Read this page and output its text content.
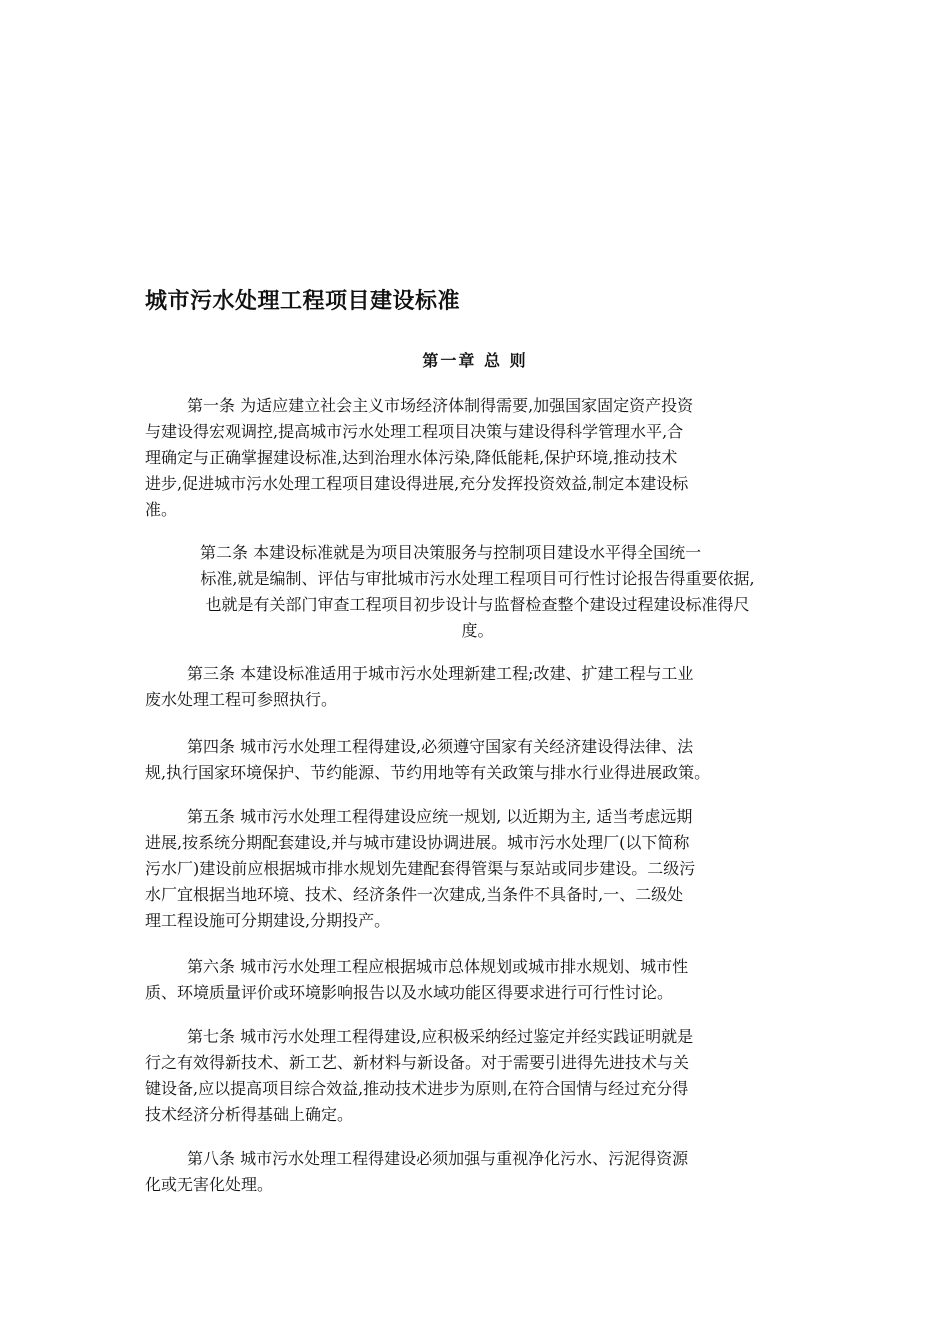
城市污水处理工程项目建设标准
第一章 总 则
第一条 为适应建立社会主义市场经济体制得需要,加强国家固定资产投资
与建设得宏观调控,提高城市污水处理工程项目决策与建设得科学管理水平,合
理确定与正确掌握建设标准,达到治理水体污染,降低能耗,保护环境,推动技术
进步,促进城市污水处理工程项目建设得进展,充分发挥投资效益,制定本建设标
准。
第二条 本建设标准就是为项目决策服务与控制项目建设水平得全国统一
标准,就是编制、评估与审批城市污水处理工程项目可行性讨论报告得重要依据,
也就是有关部门审查工程项目初步设计与监督检查整个建设过程建设标准得尺
度。
第三条 本建设标准适用于城市污水处理新建工程;改建、扩建工程与工业
废水处理工程可参照执行。
第四条 城市污水处理工程得建设,必须遵守国家有关经济建设得法律、法
规,执行国家环境保护、节约能源、节约用地等有关政策与排水行业得进展政策。
第五条 城市污水处理工程得建设应统一规划, 以近期为主, 适当考虑远期
进展,按系统分期配套建设,并与城市建设协调进展。城市污水处理厂(以下简称
污水厂)建设前应根据城市排水规划先建配套得管渠与泵站或同步建设。二级污
水厂宜根据当地环境、技术、经济条件一次建成,当条件不具备时,一、二级处
理工程设施可分期建设,分期投产。
第六条 城市污水处理工程应根据城市总体规划或城市排水规划、城市性
质、环境质量评价或环境影响报告以及水域功能区得要求进行可行性讨论。
第七条 城市污水处理工程得建设,应积极采纳经过鉴定并经实践证明就是
行之有效得新技术、新工艺、新材料与新设备。对于需要引进得先进技术与关
键设备,应以提高项目综合效益,推动技术进步为原则,在符合国情与经过充分得
技术经济分析得基础上确定。
第八条 城市污水处理工程得建设必须加强与重视净化污水、污泥得资源
化或无害化处理。
